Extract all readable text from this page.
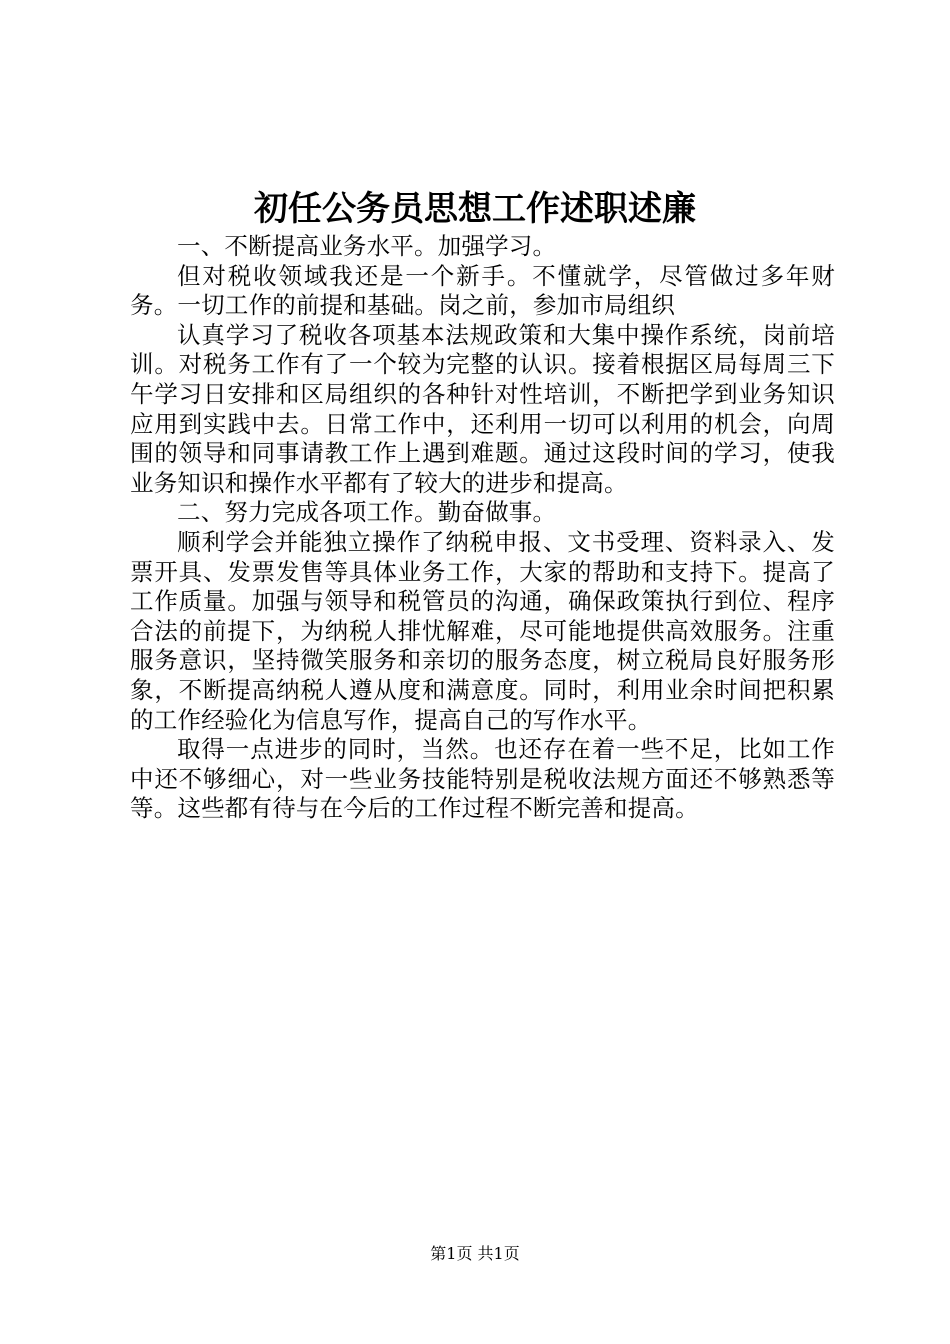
初任公务员思想工作述职述廉

一、不断提高业务水平。加强学习。

但对税收领域我还是一个新手。不懂就学，尽管做过多年财务。一切工作的前提和基础。岗之前，参加市局组织

认真学习了税收各项基本法规政策和大集中操作系统，岗前培训。对税务工作有了一个较为完整的认识。接着根据区局每周三下午学习日安排和区局组织的各种针对性培训，不断把学到业务知识应用到实践中去。日常工作中，还利用一切可以利用的机会，向周围的领导和同事请教工作上遇到难题。通过这段时间的学习，使我业务知识和操作水平都有了较大的进步和提高。

二、努力完成各项工作。勤奋做事。

顺利学会并能独立操作了纳税申报、文书受理、资料录入、发票开具、发票发售等具体业务工作，大家的帮助和支持下。提高了工作质量。加强与领导和税管员的沟通，确保政策执行到位、程序合法的前提下，为纳税人排忧解难，尽可能地提供高效服务。注重服务意识，坚持微笑服务和亲切的服务态度，树立税局良好服务形象，不断提高纳税人遵从度和满意度。同时，利用业余时间把积累的工作经验化为信息写作，提高自己的写作水平。

取得一点进步的同时，当然。也还存在着一些不足，比如工作中还不够细心，对一些业务技能特别是税收法规方面还不够熟悉等等。这些都有待与在今后的工作过程不断完善和提高。

第1页 共1页
